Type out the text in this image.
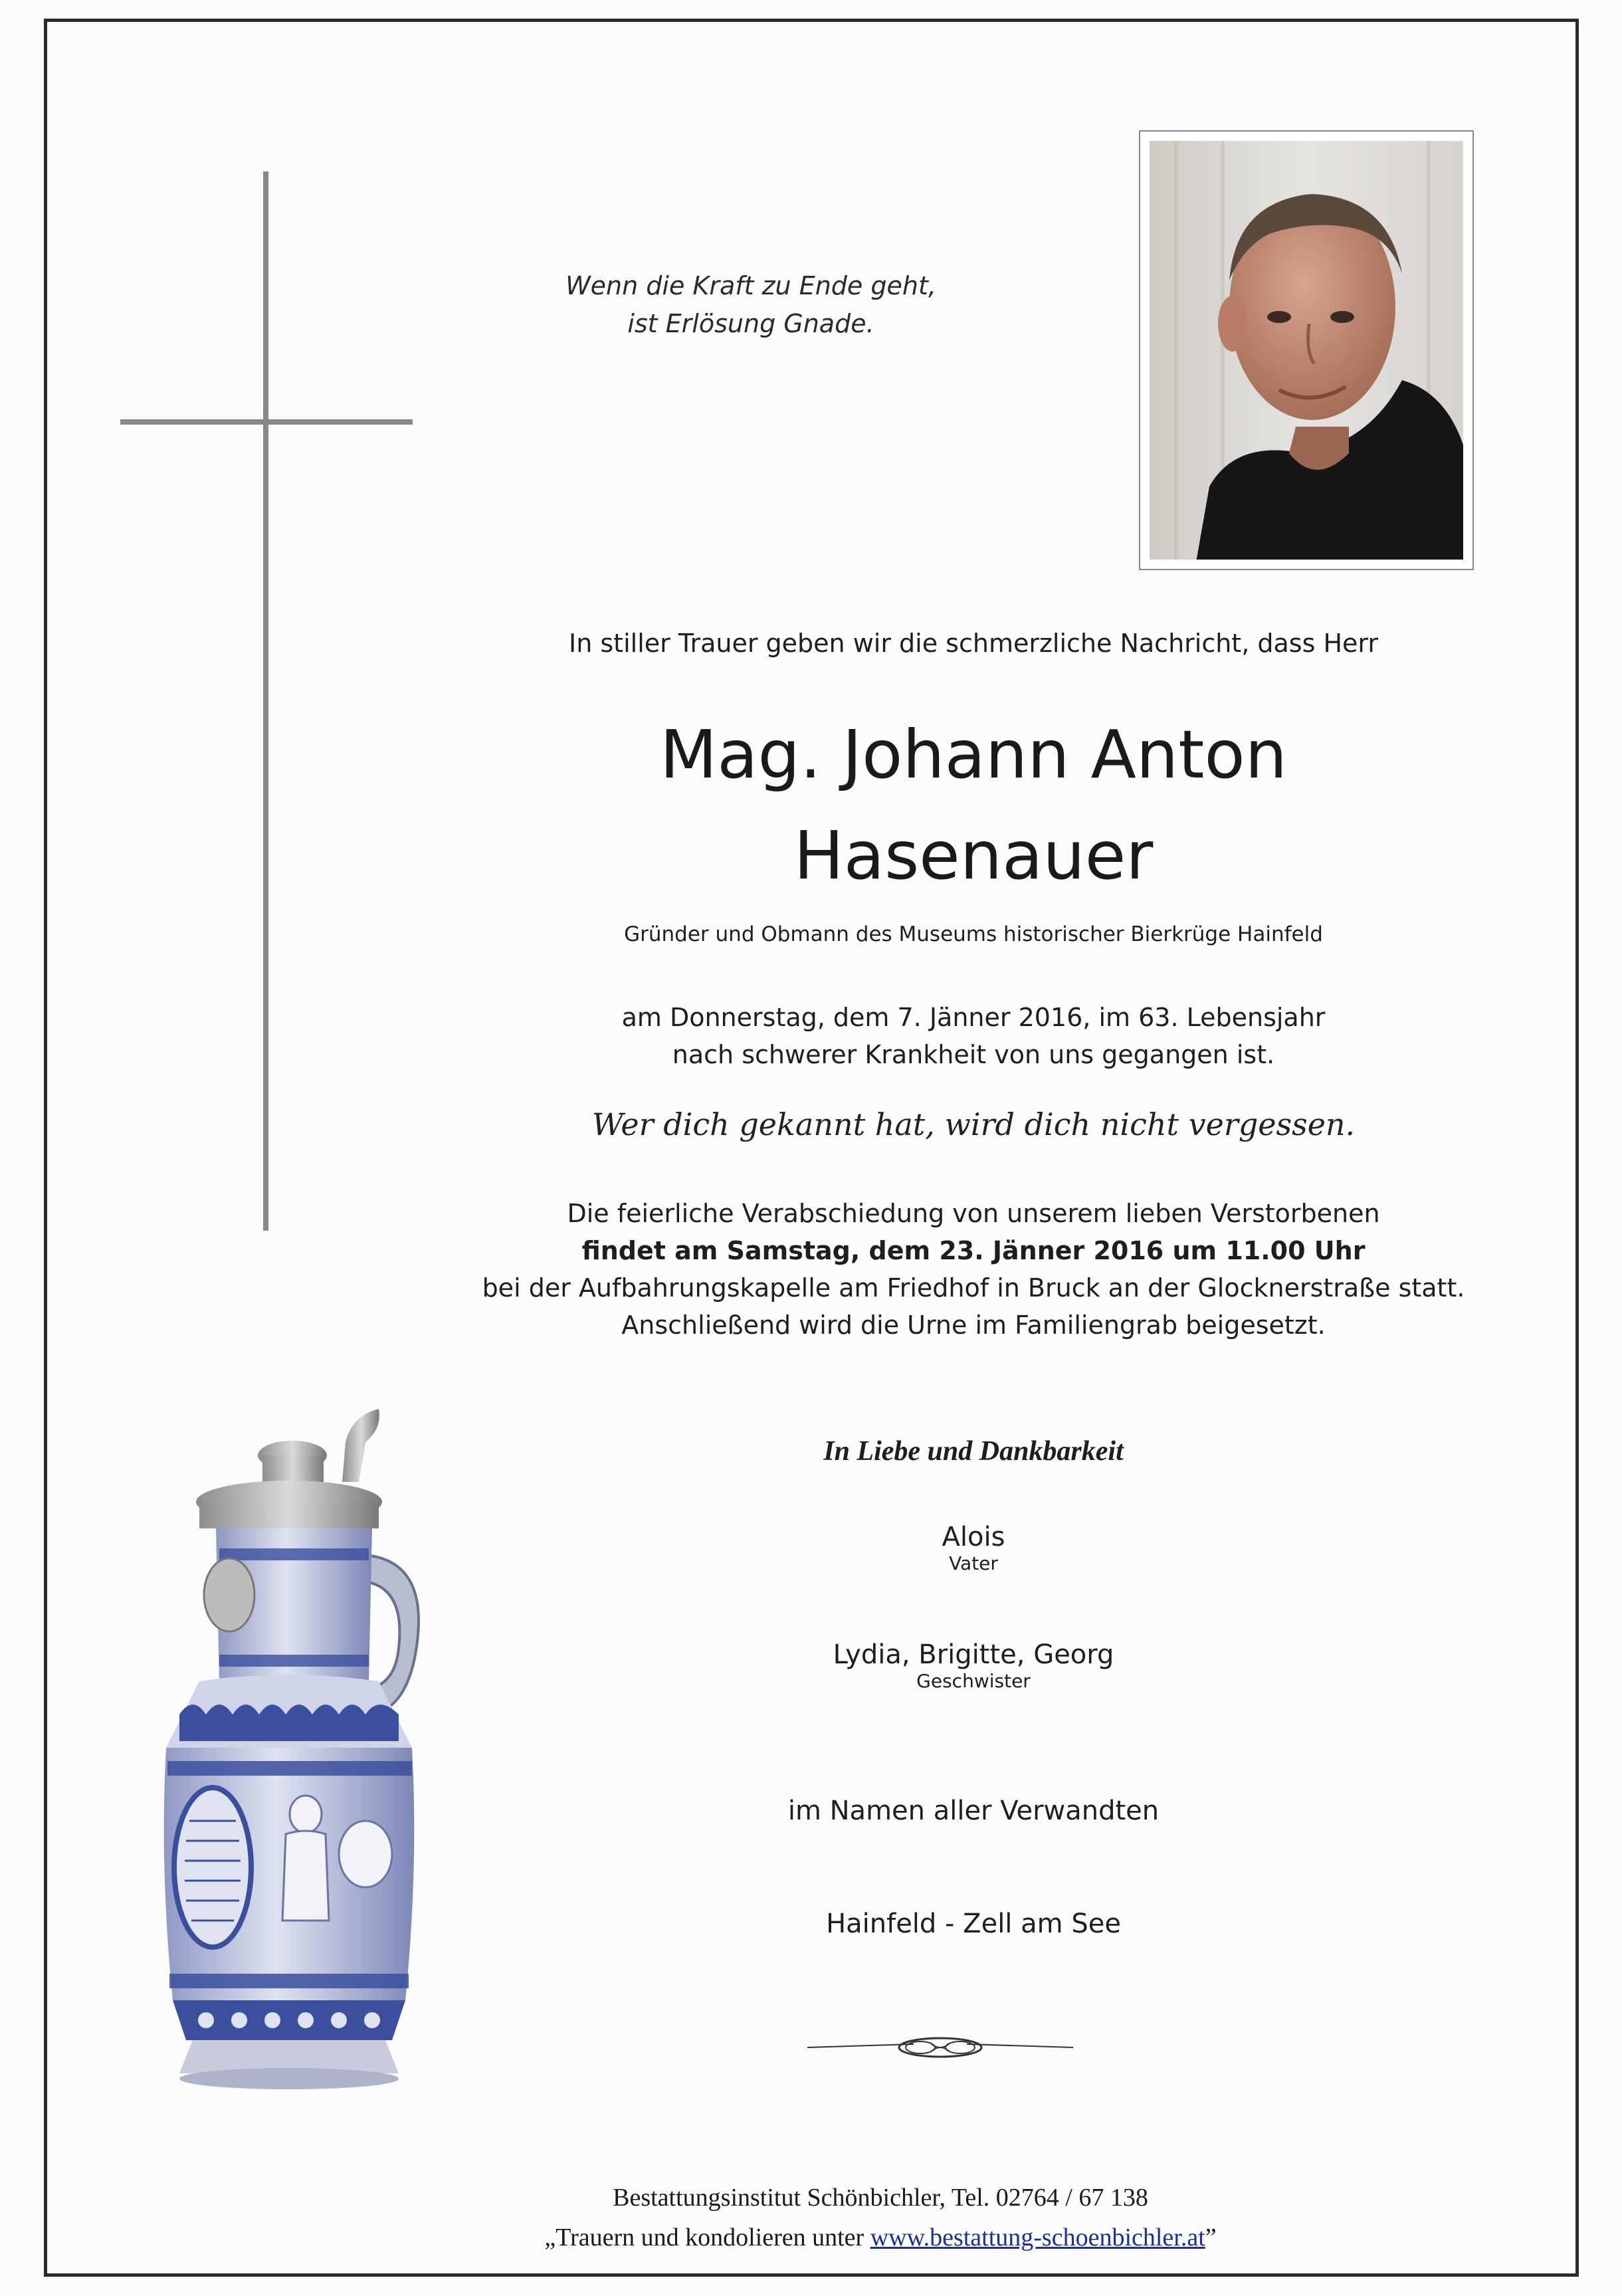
Wenn die Kraft zu Ende geht,
ist Erlösung Gnade.
In stiller Trauer geben wir die schmerzliche Nachricht, dass Herr
Mag. Johann Anton
Hasenauer
Gründer und Obmann des Museums historischer Bierkrüge Hainfeld
am Donnerstag, dem 7. Jänner 2016, im 63. Lebensjahr
nach schwerer Krankheit von uns gegangen ist.
Wer dich gekannt hat, wird dich nicht vergessen.
Die feierliche Verabschiedung von unserem lieben Verstorbenen
findet am Samstag, dem 23. Jänner 2016 um 11.00 Uhr
bei der Aufbahrungskapelle am Friedhof in Bruck an der Glocknerstraße statt.
Anschließend wird die Urne im Familiengrab beigesetzt.
In Liebe und Dankbarkeit
Alois
Vater
Lydia, Brigitte, Georg
Geschwister
im Namen aller Verwandten
Hainfeld - Zell am See
Bestattungsinstitut Schönbichler, Tel. 02764 / 67 138
„Trauern und kondolieren unter www.bestattung-schoenbichler.at”
